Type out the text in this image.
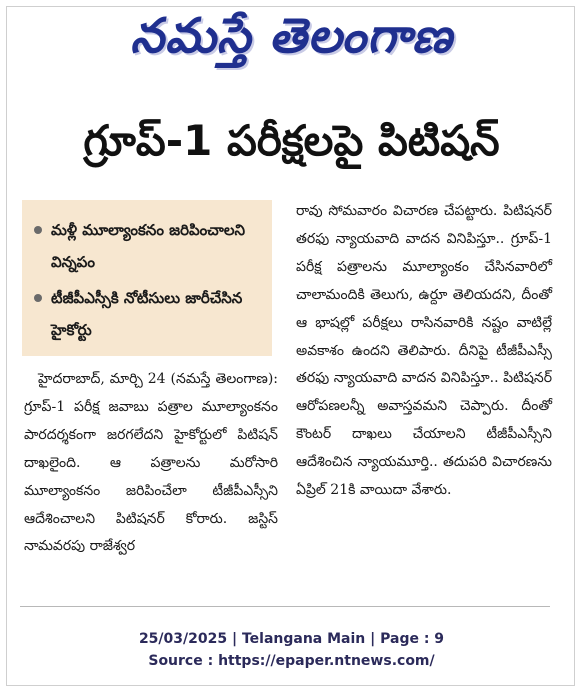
నమస్తే తెలంగాణ
గ్రూప్-1 పరీక్షలపై పిటిషన్
మళ్లీ మూల్యాంకనం జరిపించాలని విన్నపం
టీజీపీఎస్సీకి నోటీసులు జారీచేసిన హైకోర్టు

హైదరాబాద్, మార్చి 24 (నమస్తే తెలంగాణ): గ్రూప్-1 పరీక్ష జవాబు పత్రాల మూల్యాంకనం పారదర్శకంగా జరగలేదని హైకోర్టులో పిటిషన్ దాఖలైంది. ఆ పత్రాలను మరోసారి మూల్యాంకనం జరిపించేలా టీజీపీఎస్సీని ఆదేశించాలని పిటిషనర్ కోరారు. జస్టిస్ నామవరపు రాజేశ్వర

రావు సోమవారం విచారణ చేపట్టారు. పిటిషనర్ తరఫు న్యాయవాది వాదన వినిపిస్తూ.. గ్రూప్-1 పరీక్ష పత్రాలను మూల్యాంకం చేసినవారిలో చాలామందికి తెలుగు, ఉర్దూ తెలియదని, దీంతో ఆ భాషల్లో పరీక్షలు రాసినవారికి నష్టం వాటిల్లే అవకాశం ఉందని తెలిపారు. దీనిపై టీజీపీఎస్సీ తరఫు న్యాయవాది వాదన వినిపిస్తూ.. పిటిషనర్ ఆరోపణలన్నీ అవాస్తవమని చెప్పారు. దీంతో కౌంటర్ దాఖలు చేయాలని టీజీపీఎస్సీని ఆదేశించిన న్యాయమూర్తి.. తదుపరి విచారణను ఏప్రిల్ 21కి వాయిదా వేశారు.

25/03/2025 | Telangana Main | Page : 9
Source : https://epaper.ntnews.com/
